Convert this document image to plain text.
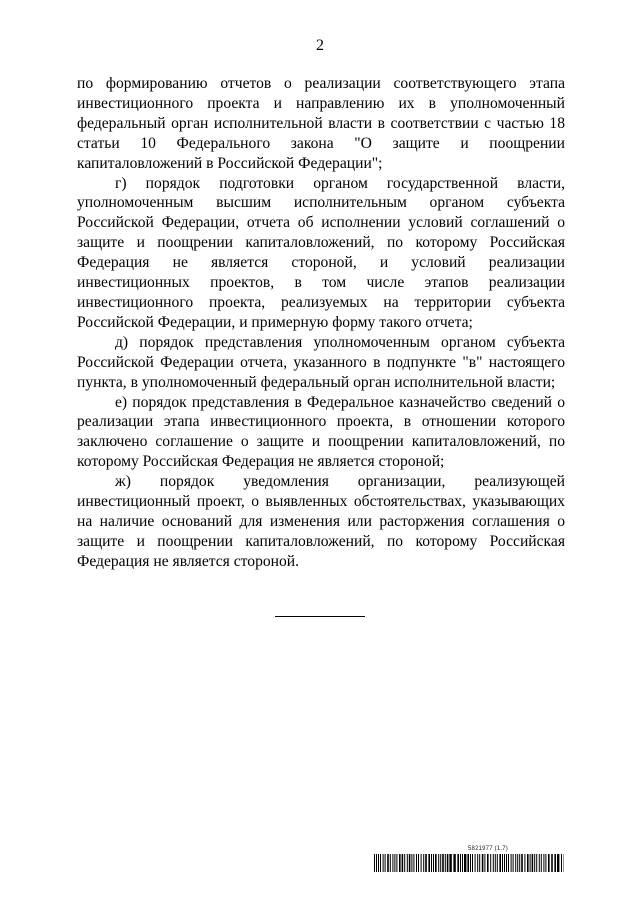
2

по формированию отчетов о реализации соответствующего этапа инвестиционного проекта и направлению их в уполномоченный федеральный орган исполнительной власти в соответствии с частью 18 статьи 10 Федерального закона "О защите и поощрении капиталовложений в Российской Федерации";

г) порядок подготовки органом государственной власти, уполномоченным высшим исполнительным органом субъекта Российской Федерации, отчета об исполнении условий соглашений о защите и поощрении капиталовложений, по которому Российская Федерация не является стороной, и условий реализации инвестиционных проектов, в том числе этапов реализации инвестиционного проекта, реализуемых на территории субъекта Российской Федерации, и примерную форму такого отчета;

д) порядок представления уполномоченным органом субъекта Российской Федерации отчета, указанного в подпункте "в" настоящего пункта, в уполномоченный федеральный орган исполнительной власти;

е) порядок представления в Федеральное казначейство сведений о реализации этапа инвестиционного проекта, в отношении которого заключено соглашение о защите и поощрении капиталовложений, по которому Российская Федерация не является стороной;

ж) порядок уведомления организации, реализующей инвестиционный проект, о выявленных обстоятельствах, указывающих на наличие оснований для изменения или расторжения соглашения о защите и поощрении капиталовложений, по которому Российская Федерация не является стороной.

5821977 (1.7)
